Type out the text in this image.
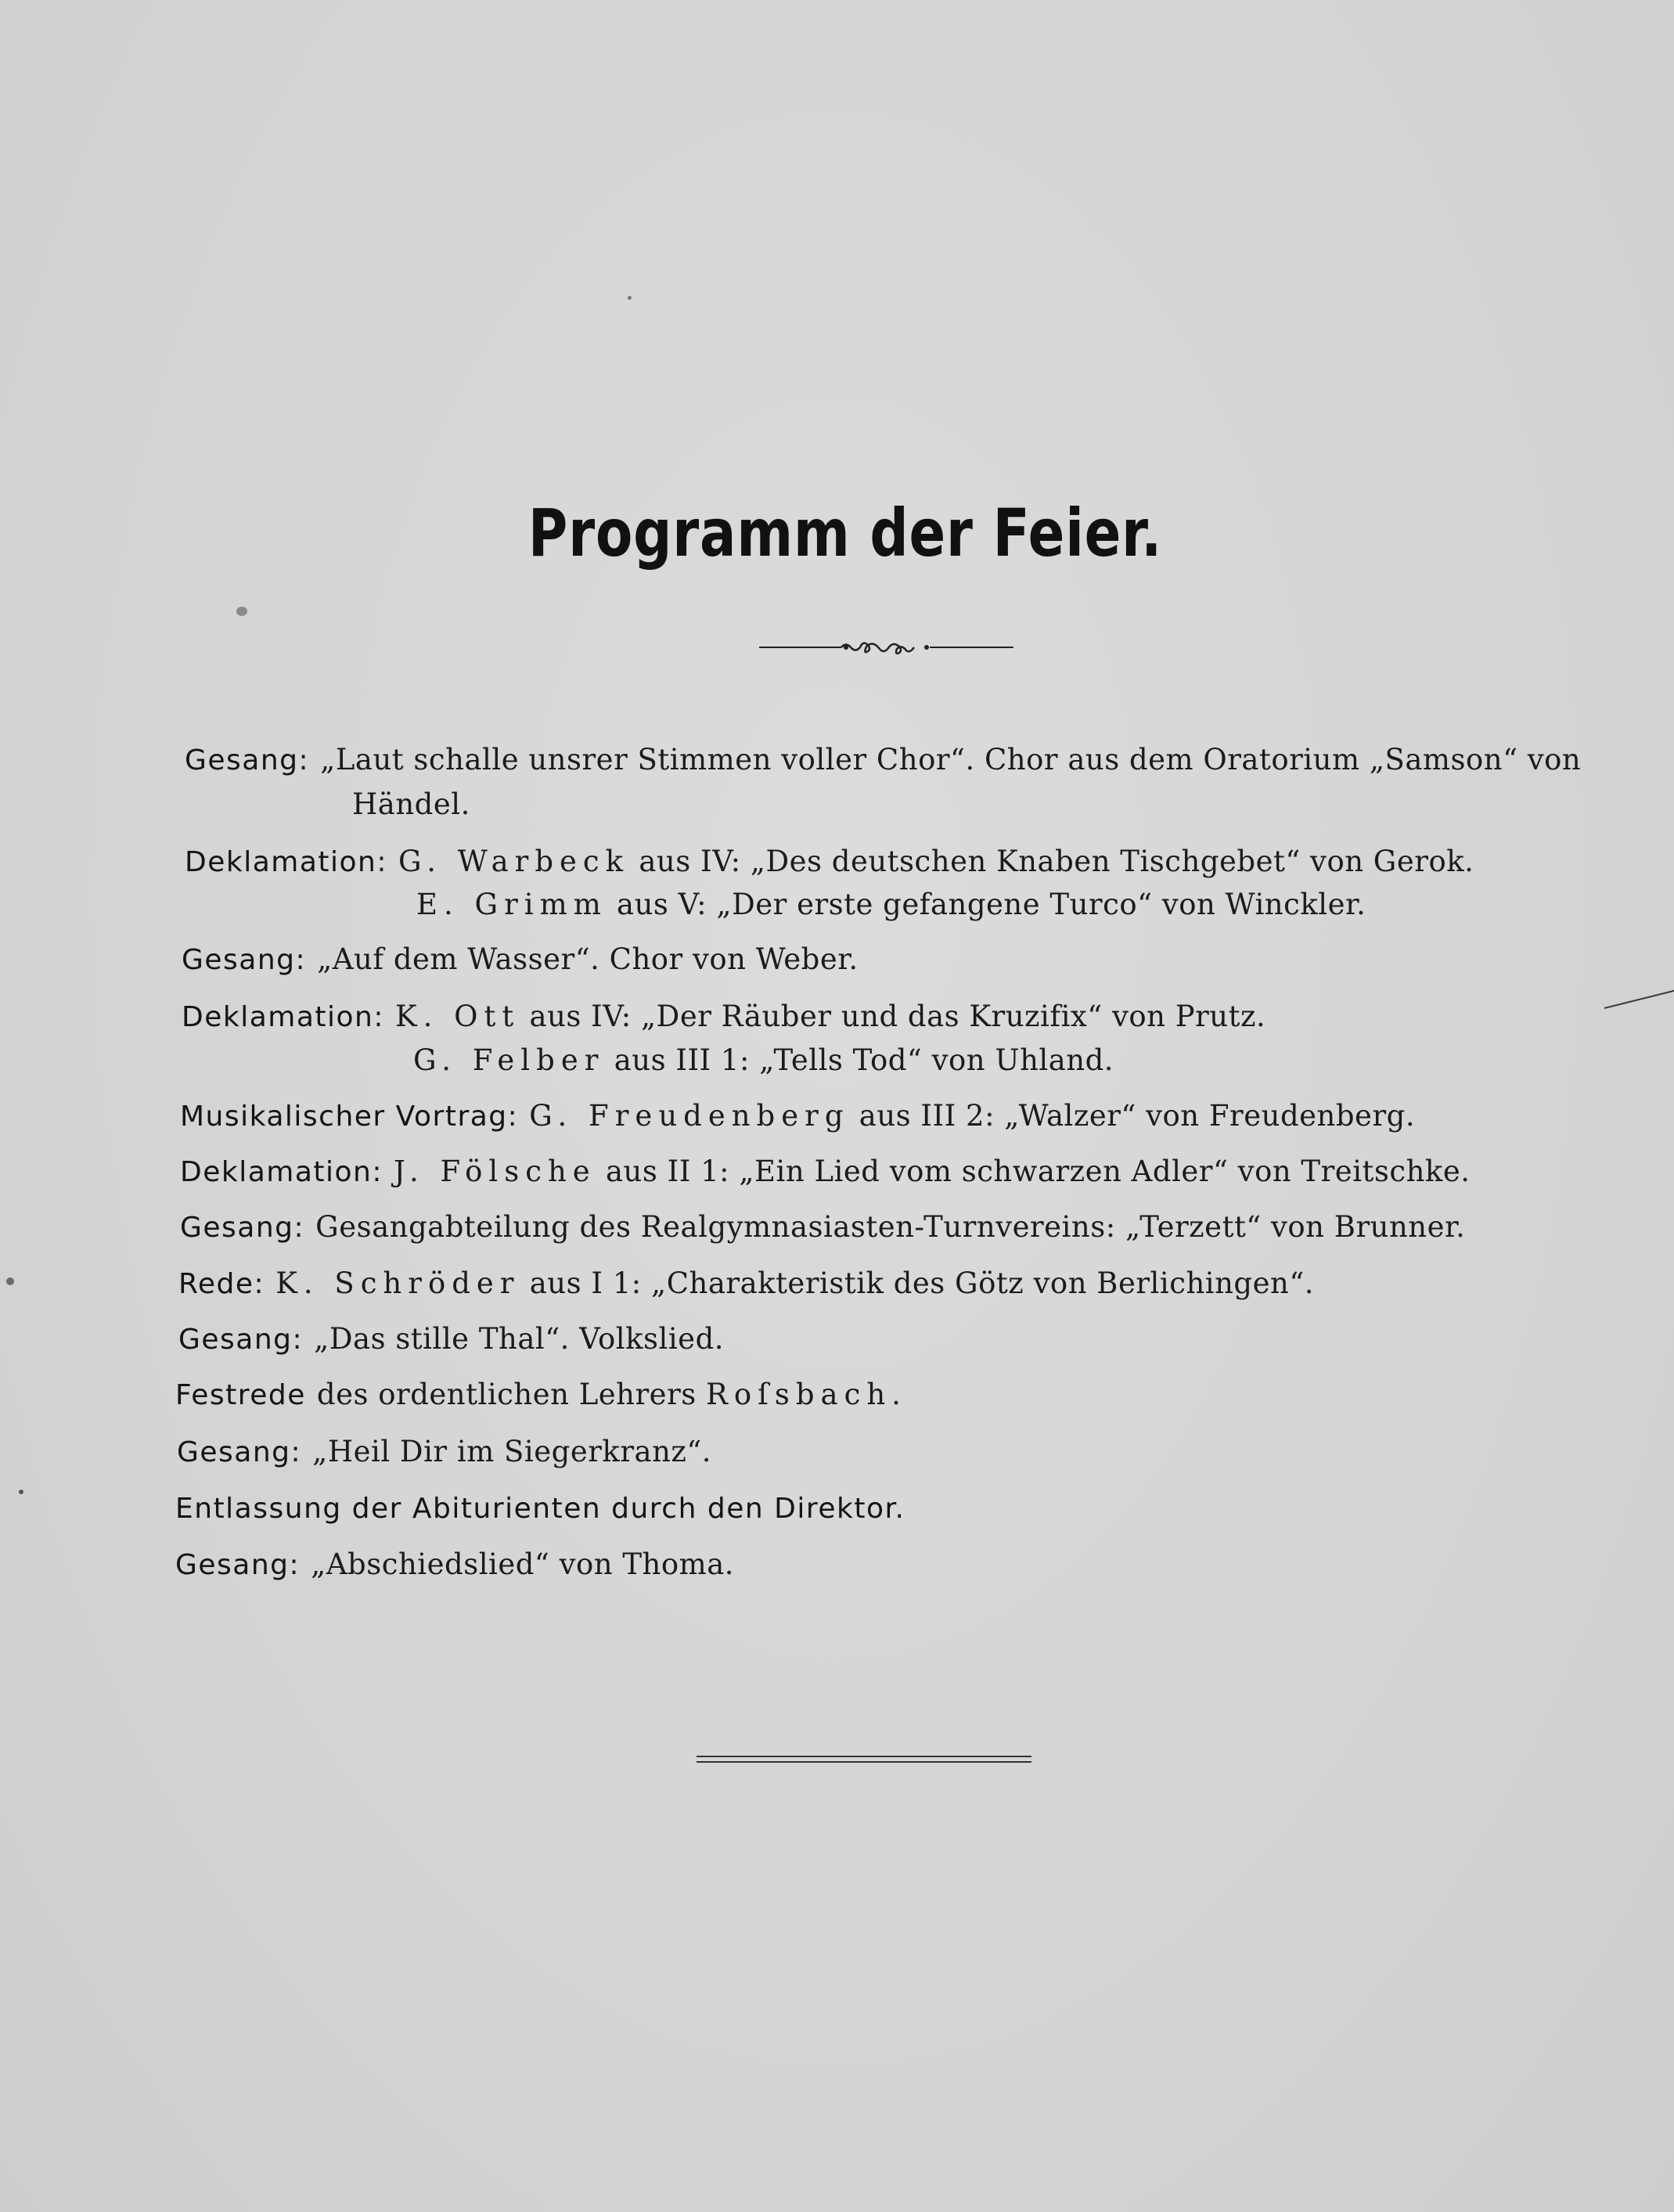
Programm der Feier.
Gesang: „Laut schalle unsrer Stimmen voller Chor“. Chor aus dem Oratorium „Samson“ von
Händel.
Deklamation: G. Warbeck aus IV: „Des deutschen Knaben Tischgebet“ von Gerok.
E. Grimm aus V: „Der erste gefangene Turco“ von Winckler.
Gesang: „Auf dem Wasser“. Chor von Weber.
Deklamation: K. Ott aus IV: „Der Räuber und das Kruzifix“ von Prutz.
G. Felber aus III 1: „Tells Tod“ von Uhland.
Musikalischer Vortrag: G. Freudenberg aus III 2: „Walzer“ von Freudenberg.
Deklamation: J. Fölsche aus II 1: „Ein Lied vom schwarzen Adler“ von Treitschke.
Gesang: Gesangabteilung des Realgymnasiasten-Turnvereins: „Terzett“ von Brunner.
Rede: K. Schröder aus I 1: „Charakteristik des Götz von Berlichingen“.
Gesang: „Das stille Thal“. Volkslied.
Festrede des ordentlichen Lehrers Roſsbach.
Gesang: „Heil Dir im Siegerkranz“.
Entlassung der Abiturienten durch den Direktor.
Gesang: „Abschiedslied“ von Thoma.
